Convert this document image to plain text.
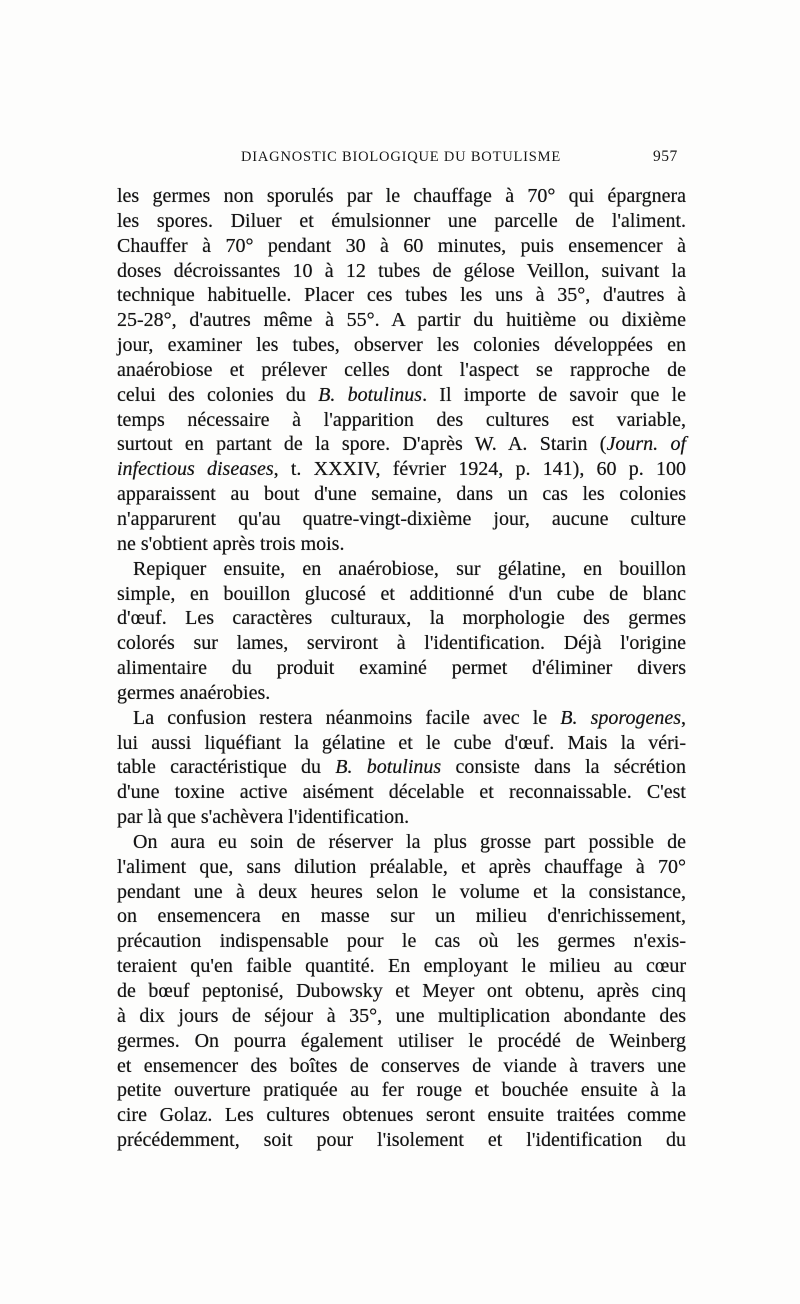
DIAGNOSTIC BIOLOGIQUE DU BOTULISME	957
les germes non sporulés par le chauffage à 70° qui épargnera
les spores. Diluer et émulsionner une parcelle de l'aliment.
Chauffer à 70° pendant 30 à 60 minutes, puis ensemencer à
doses décroissantes 10 à 12 tubes de gélose Veillon, suivant la
technique habituelle. Placer ces tubes les uns à 35°, d'autres à
25-28°, d'autres même à 55°. A partir du huitième ou dixième
jour, examiner les tubes, observer les colonies développées en
anaérobiose et prélever celles dont l'aspect se rapproche de
celui des colonies du B. botulinus. Il importe de savoir que le
temps nécessaire à l'apparition des cultures est variable,
surtout en partant de la spore. D'après W. A. Starin (Journ. of
infectious diseases, t. XXXIV, février 1924, p. 141), 60 p. 100
apparaissent au bout d'une semaine, dans un cas les colonies
n'apparurent qu'au quatre-vingt-dixième jour, aucune culture
ne s'obtient après trois mois.
Repiquer ensuite, en anaérobiose, sur gélatine, en bouillon
simple, en bouillon glucosé et additionné d'un cube de blanc
d'œuf. Les caractères culturaux, la morphologie des germes
colorés sur lames, serviront à l'identification. Déjà l'origine
alimentaire du produit examiné permet d'éliminer divers
germes anaérobies.
La confusion restera néanmoins facile avec le B. sporogenes,
lui aussi liquéfiant la gélatine et le cube d'œuf. Mais la véri-
table caractéristique du B. botulinus consiste dans la sécrétion
d'une toxine active aisément décelable et reconnaissable. C'est
par là que s'achèvera l'identification.
On aura eu soin de réserver la plus grosse part possible de
l'aliment que, sans dilution préalable, et après chauffage à 70°
pendant une à deux heures selon le volume et la consistance,
on ensemencera en masse sur un milieu d'enrichissement,
précaution indispensable pour le cas où les germes n'exis-
teraient qu'en faible quantité. En employant le milieu au cœur
de bœuf peptonisé, Dubowsky et Meyer ont obtenu, après cinq
à dix jours de séjour à 35°, une multiplication abondante des
germes. On pourra également utiliser le procédé de Weinberg
et ensemencer des boîtes de conserves de viande à travers une
petite ouverture pratiquée au fer rouge et bouchée ensuite à la
cire Golaz. Les cultures obtenues seront ensuite traitées comme
précédemment, soit pour l'isolement et l'identification du
